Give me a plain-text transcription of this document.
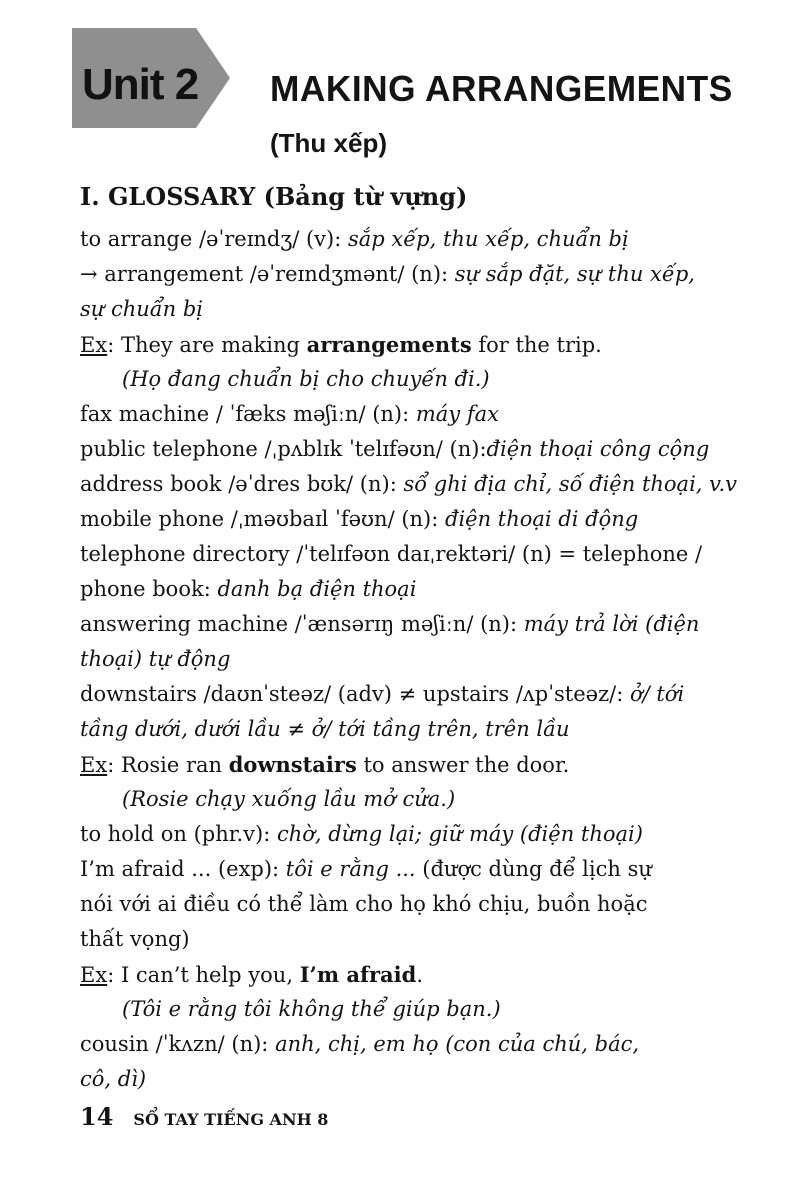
Unit 2 MAKING ARRANGEMENTS
(Thu xếp)
I. GLOSSARY (Bảng từ vựng)
to arrange /əˈreɪndʒ/ (v): sắp xếp, thu xếp, chuẩn bị
→ arrangement /əˈreɪndʒmənt/ (n): sự sắp đặt, sự thu xếp,
sự chuẩn bị
Ex: They are making arrangements for the trip.
(Họ đang chuẩn bị cho chuyến đi.)
fax machine / ˈfæks məʃiːn/ (n): máy fax
public telephone /ˌpʌblɪk ˈtelɪfəʊn/ (n):điện thoại công cộng
address book /əˈdres bʊk/ (n): sổ ghi địa chỉ, số điện thoại, v.v
mobile phone /ˌməʊbaɪl ˈfəʊn/ (n): điện thoại di động
telephone directory /ˈtelɪfəʊn daɪˌrektəri/ (n) = telephone /
phone book: danh bạ điện thoại
answering machine /ˈænsərɪŋ məʃiːn/ (n): máy trả lời (điện
thoại) tự động
downstairs /daʊnˈsteəz/ (adv) ≠ upstairs /ʌpˈsteəz/: ở/ tới
tầng dưới, dưới lầu ≠ ở/ tới tầng trên, trên lầu
Ex: Rosie ran downstairs to answer the door.
(Rosie chạy xuống lầu mở cửa.)
to hold on (phr.v): chờ, dừng lại; giữ máy (điện thoại)
I’m afraid ... (exp): tôi e rằng ... (được dùng để lịch sự
nói với ai điều có thể làm cho họ khó chịu, buồn hoặc
thất vọng)
Ex: I can’t help you, I’m afraid.
(Tôi e rằng tôi không thể giúp bạn.)
cousin /ˈkʌzn/ (n): anh, chị, em họ (con của chú, bác,
cô, dì)
14 SỔ TAY TIẾNG ANH 8
